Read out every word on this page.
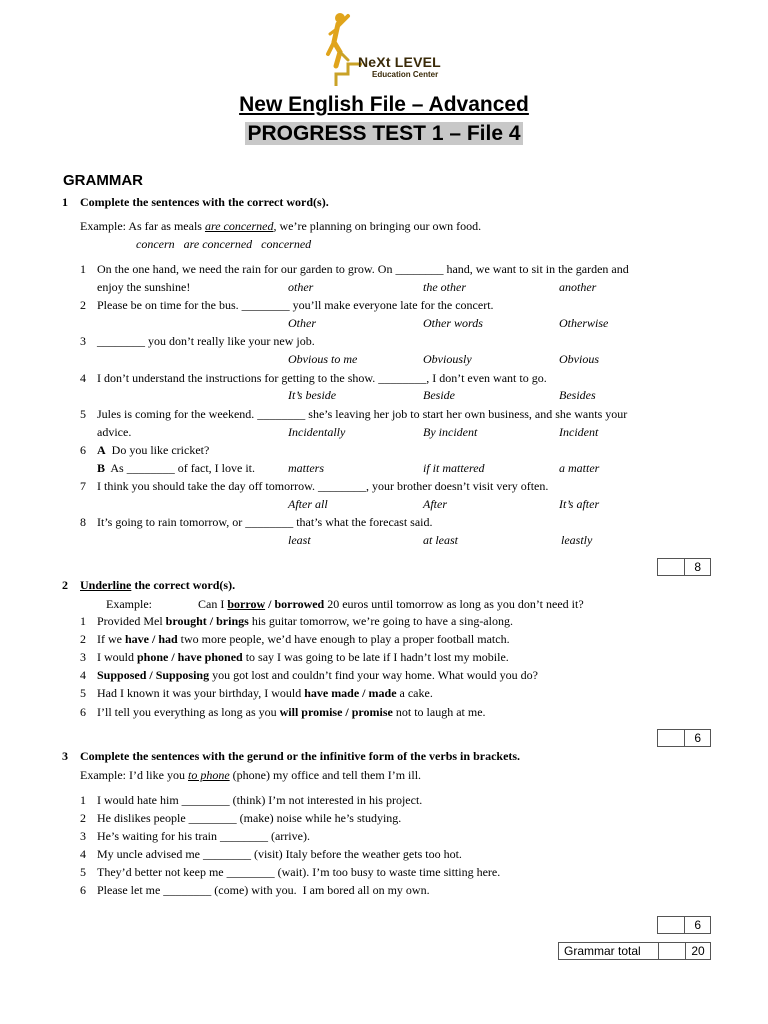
NeXt LEVEL
Education Center
New English File – Advanced
PROGRESS TEST 1 – File 4
GRAMMAR
1 Complete the sentences with the correct word(s).
Example: As far as meals are concerned, we’re planning on bringing our own food.
concern   are concerned   concerned
1 On the one hand, we need the rain for our garden to grow. On ________ hand, we want to sit in the garden and
enjoy the sunshine!	other	the other	another
2 Please be on time for the bus. ________ you’ll make everyone late for the concert.
Other	Other words	Otherwise
3 ________ you don’t really like your new job.
Obvious to me	Obviously	Obvious
4 I don’t understand the instructions for getting to the show. ________, I don’t even want to go.
It’s beside	Beside	Besides
5 Jules is coming for the weekend. ________ she’s leaving her job to start her own business, and she wants your
advice.	Incidentally	By incident	Incident
6 A Do you like cricket?
B As ________ of fact, I love it.	matters	if it mattered	a matter
7 I think you should take the day off tomorrow. ________, your brother doesn’t visit very often.
After all	After	It’s after
8 It’s going to rain tomorrow, or ________ that’s what the forecast said.
least	at least	leastly
8
2 Underline the correct word(s).
Example:	Can I borrow / borrowed 20 euros until tomorrow as long as you don’t need it?
1 Provided Mel brought / brings his guitar tomorrow, we’re going to have a sing-along.
2 If we have / had two more people, we’d have enough to play a proper football match.
3 I would phone / have phoned to say I was going to be late if I hadn’t lost my mobile.
4 Supposed / Supposing you got lost and couldn’t find your way home. What would you do?
5 Had I known it was your birthday, I would have made / made a cake.
6 I’ll tell you everything as long as you will promise / promise not to laugh at me.
6
3 Complete the sentences with the gerund or the infinitive form of the verbs in brackets.
Example: I’d like you to phone (phone) my office and tell them I’m ill.
1 I would hate him ________ (think) I’m not interested in his project.
2 He dislikes people ________ (make) noise while he’s studying.
3 He’s waiting for his train ________ (arrive).
4 My uncle advised me ________ (visit) Italy before the weather gets too hot.
5 They’d better not keep me ________ (wait). I’m too busy to waste time sitting here.
6 Please let me ________ (come) with you.  I am bored all on my own.
6
Grammar total	20
